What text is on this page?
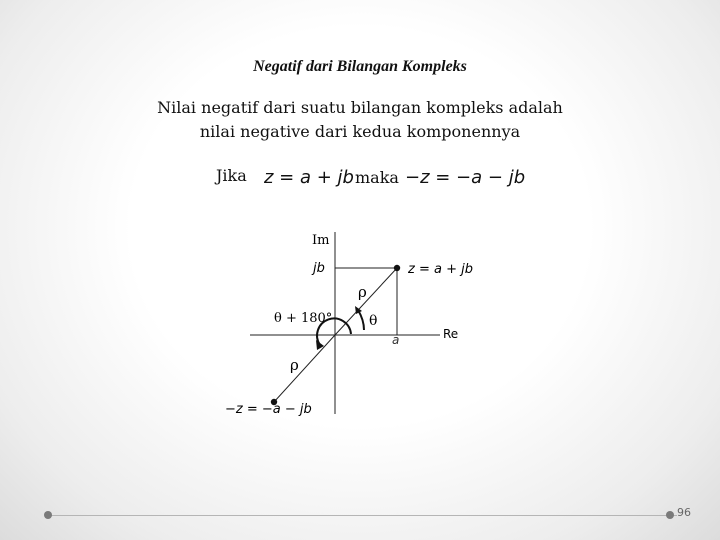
Negatif dari Bilangan Kompleks
Nilai negatif dari suatu bilangan kompleks adalah
nilai negative dari kedua komponennya
Jika z = a + jb maka −z = −a − jb
Im
jb	z = a + jb
ρ
θ
θ + 180°
a	Re
ρ
−z = −a − jb
96
